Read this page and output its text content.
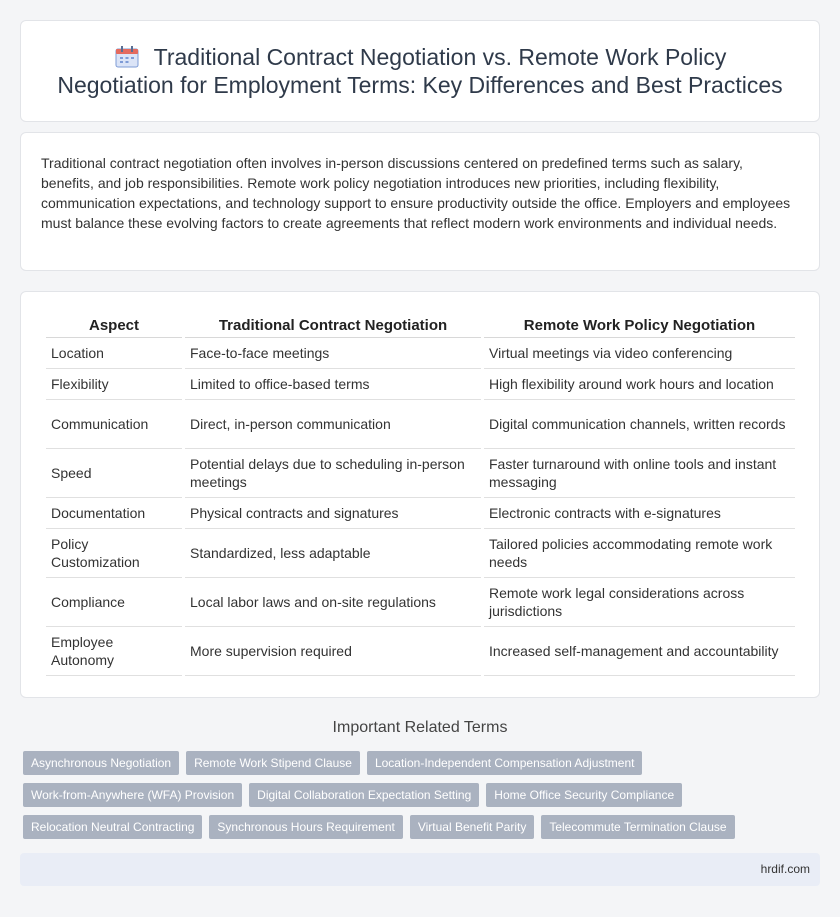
Traditional Contract Negotiation vs. Remote Work Policy
Negotiation for Employment Terms: Key Differences and Best Practices

Traditional contract negotiation often involves in-person discussions centered on predefined terms such as salary, benefits, and job responsibilities. Remote work policy negotiation introduces new priorities, including flexibility, communication expectations, and technology support to ensure productivity outside the office. Employers and employees must balance these evolving factors to create agreements that reflect modern work environments and individual needs.

Aspect	Traditional Contract Negotiation	Remote Work Policy Negotiation
Location	Face-to-face meetings	Virtual meetings via video conferencing
Flexibility	Limited to office-based terms	High flexibility around work hours and location
Communication	Direct, in-person communication	Digital communication channels, written records
Speed	Potential delays due to scheduling in-person meetings	Faster turnaround with online tools and instant messaging
Documentation	Physical contracts and signatures	Electronic contracts with e-signatures
Policy Customization	Standardized, less adaptable	Tailored policies accommodating remote work needs
Compliance	Local labor laws and on-site regulations	Remote work legal considerations across jurisdictions
Employee Autonomy	More supervision required	Increased self-management and accountability
Important Related Terms
Asynchronous Negotiation	Remote Work Stipend Clause	Location-Independent Compensation Adjustment
Work-from-Anywhere (WFA) Provision	Digital Collaboration Expectation Setting	Home Office Security Compliance
Relocation Neutral Contracting	Synchronous Hours Requirement	Virtual Benefit Parity	Telecommute Termination Clause
hrdif.com
